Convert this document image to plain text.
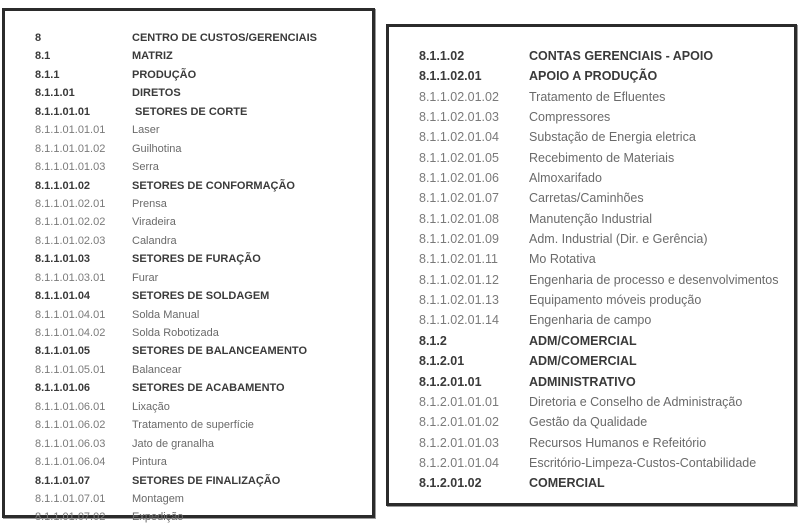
8	CENTRO DE CUSTOS/GERENCIAIS
8.1	MATRIZ
8.1.1	PRODUÇÃO
8.1.1.01	DIRETOS
8.1.1.01.01	SETORES DE CORTE
8.1.1.01.01.01	Laser
8.1.1.01.01.02	Guilhotina
8.1.1.01.01.03	Serra
8.1.1.01.02	SETORES DE CONFORMAÇÃO
8.1.1.01.02.01	Prensa
8.1.1.01.02.02	Viradeira
8.1.1.01.02.03	Calandra
8.1.1.01.03	SETORES DE FURAÇÃO
8.1.1.01.03.01	Furar
8.1.1.01.04	SETORES DE SOLDAGEM
8.1.1.01.04.01	Solda Manual
8.1.1.01.04.02	Solda Robotizada
8.1.1.01.05	SETORES DE BALANCEAMENTO
8.1.1.01.05.01	Balancear
8.1.1.01.06	SETORES DE ACABAMENTO
8.1.1.01.06.01	Lixação
8.1.1.01.06.02	Tratamento de superfície
8.1.1.01.06.03	Jato de granalha
8.1.1.01.06.04	Pintura
8.1.1.01.07	SETORES DE FINALIZAÇÃO
8.1.1.01.07.01	Montagem
8.1.1.01.07.02	Expedição
8.1.1.02	CONTAS GERENCIAIS - APOIO
8.1.1.02.01	APOIO A PRODUÇÃO
8.1.1.02.01.02	Tratamento de Efluentes
8.1.1.02.01.03	Compressores
8.1.1.02.01.04	Substação de Energia eletrica
8.1.1.02.01.05	Recebimento de Materiais
8.1.1.02.01.06	Almoxarifado
8.1.1.02.01.07	Carretas/Caminhões
8.1.1.02.01.08	Manutenção Industrial
8.1.1.02.01.09	Adm. Industrial (Dir. e Gerência)
8.1.1.02.01.11	Mo Rotativa
8.1.1.02.01.12	Engenharia de processo e desenvolvimentos
8.1.1.02.01.13	Equipamento móveis produção
8.1.1.02.01.14	Engenharia de campo
8.1.2	ADM/COMERCIAL
8.1.2.01	ADM/COMERCIAL
8.1.2.01.01	ADMINISTRATIVO
8.1.2.01.01.01	Diretoria e Conselho de Administração
8.1.2.01.01.02	Gestão da Qualidade
8.1.2.01.01.03	Recursos Humanos e Refeitório
8.1.2.01.01.04	Escritório-Limpeza-Custos-Contabilidade
8.1.2.01.02	COMERCIAL
